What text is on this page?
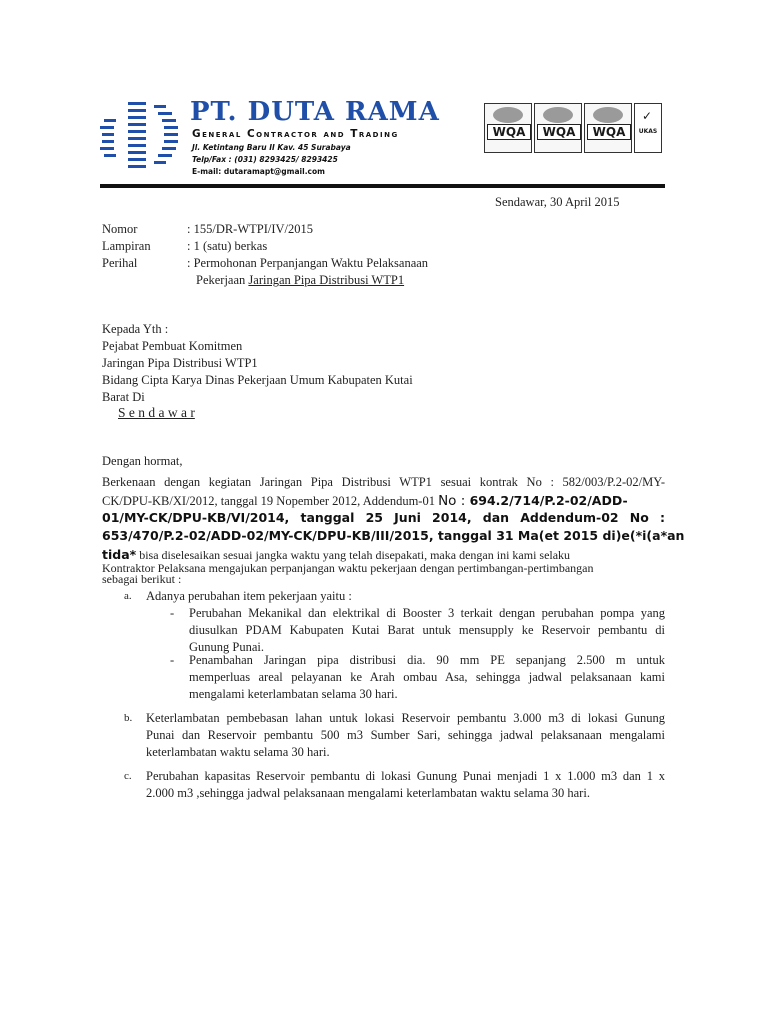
PT. DUTA RAMA
General Contractor and Trading
Jl. Ketintang Baru II Kav. 45 Surabaya
Telp/Fax : (031) 8293425/ 8293425
E-mail: dutaramapt@gmail.com
WQA	WQA	WQA
✓
UKAS
Sendawar, 30 April 2015
Nomor	: 155/DR-WTPI/IV/2015
Lampiran	: 1 (satu) berkas
Perihal	: Permohonan Perpanjangan Waktu Pelaksanaan
Pekerjaan Jaringan Pipa Distribusi WTP1
Kepada Yth :
Pejabat Pembuat Komitmen
Jaringan Pipa Distribusi WTP1
Bidang Cipta Karya Dinas Pekerjaan Umum Kabupaten Kutai
Barat Di
S e n d a w a r
Dengan hormat,
Berkenaan dengan kegiatan Jaringan Pipa Distribusi WTP1 sesuai kontrak No : 582/003/P.2-02/MY-
CK/DPU-KB/XI/2012, tanggal 19 Nopember 2012, Addendum-01 No : 694.2/714/P.2-02/ADD-
01/MY-CK/DPU-KB/VI/2014, tanggal 25 Juni 2014, dan Addendum-02 No :
653/470/P.2-02/ADD-02/MY-CK/DPU-KB/III/2015, tanggal 31 Ma(et 2015 di)e(*i(a*an
tida* bisa diselesaikan sesuai jangka waktu yang telah disepakati, maka dengan ini kami selaku
Kontraktor Pelaksana mengajukan perpanjangan waktu pekerjaan dengan pertimbangan-pertimbangan
sebagai berikut :
a. Adanya perubahan item pekerjaan yaitu :
- Perubahan Mekanikal dan elektrikal di Booster 3 terkait dengan perubahan pompa yang
diusulkan PDAM Kabupaten Kutai Barat untuk mensupply ke Reservoir pembantu di
Gunung Punai.
- Penambahan Jaringan pipa distribusi dia. 90 mm PE sepanjang 2.500 m untuk
memperluas areal pelayanan ke Arah ombau Asa, sehingga jadwal pelaksanaan kami
mengalami keterlambatan selama 30 hari.
b. Keterlambatan pembebasan lahan untuk lokasi Reservoir pembantu 3.000 m3 di lokasi Gunung
Punai dan Reservoir pembantu 500 m3 Sumber Sari, sehingga jadwal pelaksanaan mengalami
keterlambatan waktu selama 30 hari.
c. Perubahan kapasitas Reservoir pembantu di lokasi Gunung Punai menjadi 1 x 1.000 m3 dan 1 x
2.000 m3 ,sehingga jadwal pelaksanaan mengalami keterlambatan waktu selama 30 hari.
